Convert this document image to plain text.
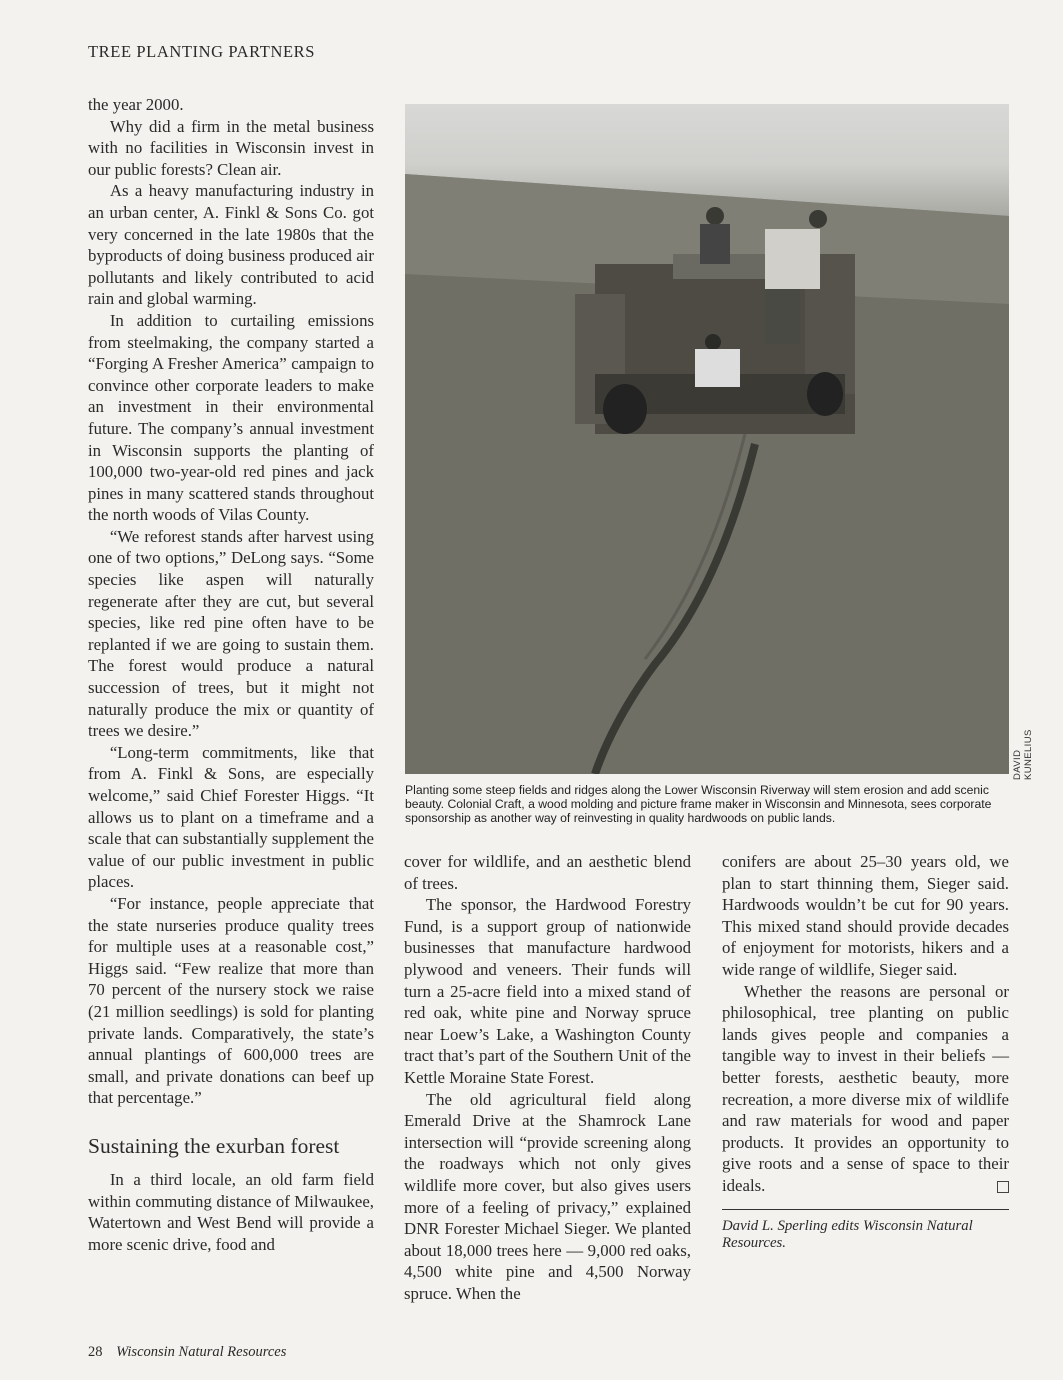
TREE PLANTING PARTNERS

the year 2000.

Why did a firm in the metal business with no facilities in Wisconsin invest in our public forests? Clean air.

As a heavy manufacturing industry in an urban center, A. Finkl & Sons Co. got very concerned in the late 1980s that the byproducts of doing business produced air pollutants and likely contributed to acid rain and global warming.

In addition to curtailing emissions from steelmaking, the company started a “Forging A Fresher America” campaign to convince other corporate leaders to make an investment in their environmental future. The company’s annual investment in Wisconsin supports the planting of 100,000 two-year-old red pines and jack pines in many scattered stands throughout the north woods of Vilas County.

“We reforest stands after harvest using one of two options,” DeLong says. “Some species like aspen will naturally regenerate after they are cut, but several species, like red pine often have to be replanted if we are going to sustain them. The forest would produce a natural succession of trees, but it might not naturally produce the mix or quantity of trees we desire.”

“Long-term commitments, like that from A. Finkl & Sons, are especially welcome,” said Chief Forester Higgs. “It allows us to plant on a timeframe and a scale that can substantially supplement the value of our public investment in public places.

“For instance, people appreciate that the state nurseries produce quality trees for multiple uses at a reasonable cost,” Higgs said. “Few realize that more than 70 percent of the nursery stock we raise (21 million seedlings) is sold for planting private lands. Comparatively, the state’s annual plantings of 600,000 trees are small, and private donations can beef up that percentage.”

Sustaining the exurban forest

In a third locale, an old farm field within commuting distance of Milwaukee, Watertown and West Bend will provide a more scenic drive, food and

DAVID KUNELIUS
Planting some steep fields and ridges along the Lower Wisconsin Riverway will stem erosion and add scenic beauty. Colonial Craft, a wood molding and picture frame maker in Wisconsin and Minnesota, sees corporate sponsorship as another way of reinvesting in quality hardwoods on public lands.

cover for wildlife, and an aesthetic blend of trees.

The sponsor, the Hardwood Forestry Fund, is a support group of nationwide businesses that manufacture hardwood plywood and veneers. Their funds will turn a 25-acre field into a mixed stand of red oak, white pine and Norway spruce near Loew’s Lake, a Washington County tract that’s part of the Southern Unit of the Kettle Moraine State Forest.

The old agricultural field along Emerald Drive at the Shamrock Lane intersection will “provide screening along the roadways which not only gives wildlife more cover, but also gives users more of a feeling of privacy,” explained DNR Forester Michael Sieger. We planted about 18,000 trees here — 9,000 red oaks, 4,500 white pine and 4,500 Norway spruce. When the

conifers are about 25–30 years old, we plan to start thinning them, Sieger said. Hardwoods wouldn’t be cut for 90 years. This mixed stand should provide decades of enjoyment for motorists, hikers and a wide range of wildlife, Sieger said.

Whether the reasons are personal or philosophical, tree planting on public lands gives people and companies a tangible way to invest in their beliefs — better forests, aesthetic beauty, more recreation, a more diverse mix of wildlife and raw materials for wood and paper products. It provides an opportunity to give roots and a sense of space to their ideals.

David L. Sperling edits Wisconsin Natural Resources.

28 Wisconsin Natural Resources
